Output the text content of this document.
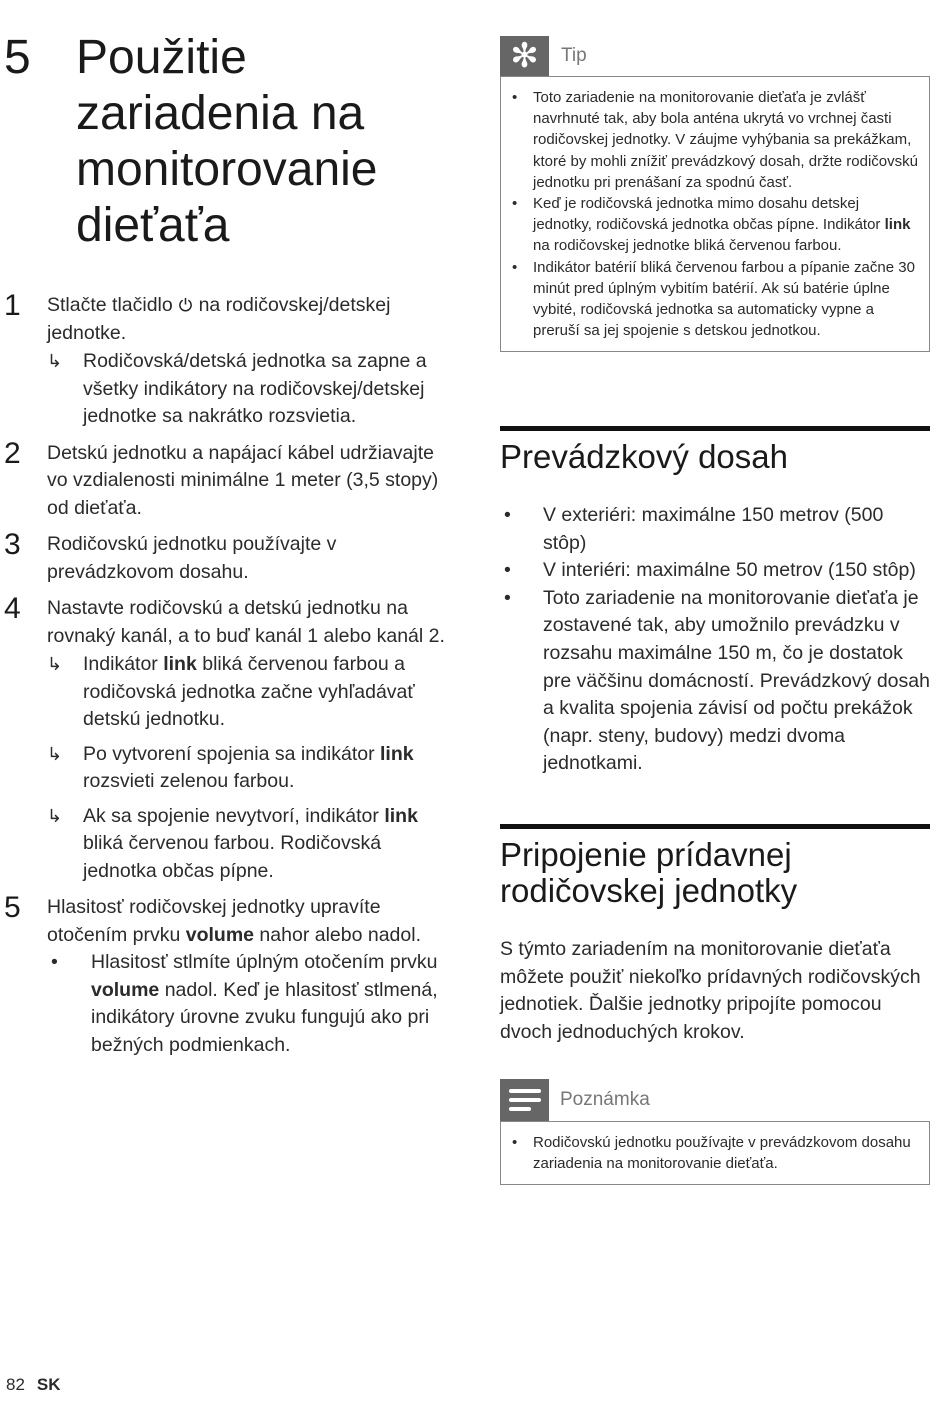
5 Použitie zariadenia na monitorovanie dieťaťa
1 Stlačte tlačidlo  na rodičovskej/detskej jednotke.
↳ Rodičovská/detská jednotka sa zapne a všetky indikátory na rodičovskej/detskej jednotke sa nakrátko rozsvietia.
2 Detskú jednotku a napájací kábel udržiavajte vo vzdialenosti minimálne 1 meter (3,5 stopy) od dieťaťa.
3 Rodičovskú jednotku používajte v prevádzkovom dosahu.
4 Nastavte rodičovskú a detskú jednotku na rovnaký kanál, a to buď kanál 1 alebo kanál 2.
↳ Indikátor link bliká červenou farbou a rodičovská jednotka začne vyhľadávať detskú jednotku.
↳ Po vytvorení spojenia sa indikátor link rozsvieti zelenou farbou.
↳ Ak sa spojenie nevytvorí, indikátor link bliká červenou farbou. Rodičovská jednotka občas pípne.
5 Hlasitosť rodičovskej jednotky upravíte otočením prvku volume nahor alebo nadol.
• Hlasitosť stlmíte úplným otočením prvku volume nadol. Keď je hlasitosť stlmená, indikátory úrovne zvuku fungujú ako pri bežných podmienkach.
✻	Tip
• Toto zariadenie na monitorovanie dieťaťa je zvlášť navrhnuté tak, aby bola anténa ukrytá vo vrchnej časti rodičovskej jednotky. V záujme vyhýbania sa prekážkam, ktoré by mohli znížiť prevádzkový dosah, držte rodičovskú jednotku pri prenášaní za spodnú časť.
• Keď je rodičovská jednotka mimo dosahu detskej jednotky, rodičovská jednotka občas pípne. Indikátor link na rodičovskej jednotke bliká červenou farbou.
• Indikátor batérií bliká červenou farbou a pípanie začne 30 minút pred úplným vybitím batérií. Ak sú batérie úplne vybité, rodičovská jednotka sa automaticky vypne a preruší sa jej spojenie s detskou jednotkou.
Prevádzkový dosah
• V exteriéri: maximálne 150 metrov (500 stôp)
• V interiéri: maximálne 50 metrov (150 stôp)
• Toto zariadenie na monitorovanie dieťaťa je zostavené tak, aby umožnilo prevádzku v rozsahu maximálne 150 m, čo je dostatok pre väčšinu domácností. Prevádzkový dosah a kvalita spojenia závisí od počtu prekážok (napr. steny, budovy) medzi dvoma jednotkami.
Pripojenie prídavnej rodičovskej jednotky

S týmto zariadením na monitorovanie dieťaťa môžete použiť niekoľko prídavných rodičovských jednotiek. Ďalšie jednotky pripojíte pomocou dvoch jednoduchých krokov.

Poznámka
• Rodičovskú jednotku používajte v prevádzkovom dosahu zariadenia na monitorovanie dieťaťa.
82 SK
